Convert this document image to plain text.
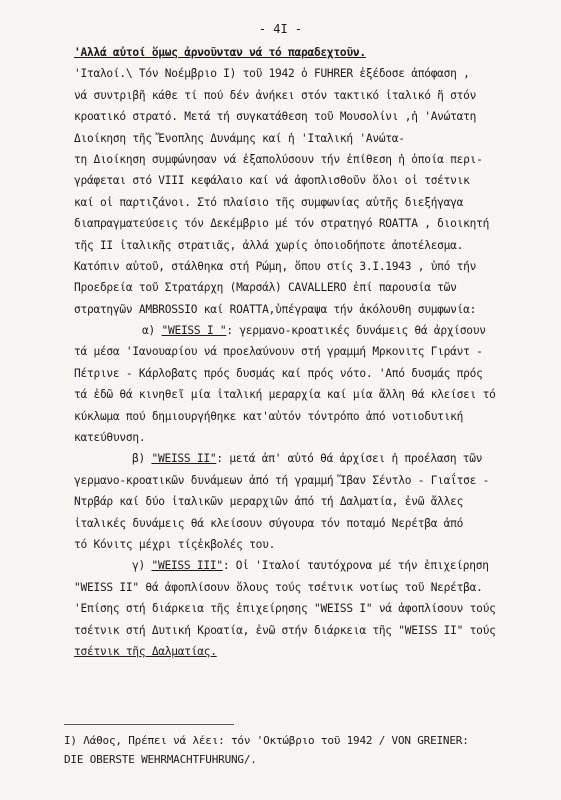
- 4I -
'Αλλά αὐτοί ὅμως ἀρνοῦνταν νά τό παραδεχτοῦν.
'Ιταλοί.\ Τόν Νοέμβριο I) τοῦ 1942 ὁ FUHRER ἐξέδοσε ἀπόφαση ,
νά συντριβῆ κάθε τί πού δέν ἀνήκει στόν τακτικό ἰταλικό ἤ στόν
κροατικό στρατό. Μετά τή συγκατάθεση τοῦ Μουσολίνι ,ἡ 'Ανώτατη
Διοίκηση τῆς Ἔνοπλης Δυνάμης καί ἡ 'Ιταλική 'Ανώτα-
τη Διοίκηση συμφώνησαν νά ἐξαπολύσουν τήν ἐπίθεση ἡ ὁποία περι-
γράφεται στό VIII κεφάλαιο καί νά ἀφοπλισθοῦν ὅλοι οἱ τσέτνικ
καί οἱ παρτιζάνοι. Στό πλαίσιο τῆς συμφωνίας αὐτῆς διεξήγαγα
διαπραγματεύσεις τόν Δεκέμβριο μέ τόν στρατηγό ROATTA , διοικητή
τῆς II ἰταλικῆς στρατιᾶς, ἀλλά χωρίς ὁποιοδήποτε ἀποτέλεσμα.
Κατόπιν αὐτοῦ, στάλθηκα στή Ρώμη, ὅπου στίς 3.I.1943 , ὑπό τήν
Προεδρεία τοῦ Στρατάρχη (Μαρσάλ) CAVALLERO ἐπί παρουσία τῶν
στρατηγῶν AMBROSSIO καί ROATTA,ὑπέγραψα τήν ἀκόλουθη συμφωνία:
α) "WEISS I ": γερμανο-κροατικές δυνάμεις θά ἀρχίσουν
τά μέσα 'Ιανουαρίου νά προελαύνουν στή γραμμή Μρκονιτς Γιράντ -
Πέτρινε - Κάρλοβατς πρός δυσμάς καί πρός νότο. 'Από δυσμάς πρός
τά ἐδῶ θά κινηθεῖ μία ἰταλική μεραρχία καί μία ἄλλη θά κλείσει τό
κύκλωμα πού δημιουργήθηκε κατ'αὐτόν τόντρόπο ἀπό νοτιοδυτική
κατεύθυνση.
β) "WEISS II": μετά ἀπ' αὐτό θά ἀρχίσει ἡ προέλαση τῶν
γερμανο-κροατικῶν δυνάμεων ἀπό τή γραμμή Ἴβαν Σέντλο - Γιαΐτσε -
Ντρβάρ καί δύο ἰταλικῶν μεραρχιῶν ἀπό τή Δαλματία, ἐνῶ ἄλλες
ἰταλικές δυνάμεις θά κλείσουν σύγουρα τόν ποταμό Νερέτβα ἀπό
τό Κόνιτς μέχρι τίςἐκβολές του.
γ) "WEISS III": Οἱ 'Ιταλοί ταυτόχρονα μέ τήν ἐπιχείρηση
"WEISS II" θά ἀφοπλίσουν ὅλους τούς τσέτνικ νοτίως τοῦ Νερέτβα.
'Επίσης στή διάρκεια τῆς ἐπιχείρησης "WEISS I" νά ἀφοπλίσουν τούς
τσέτνικ στή Δυτική Κροατία, ἐνῶ στήν διάρκεια τῆς "WEISS II" τούς
τσέτνικ τῆς Δαλματίας.
I) Λάθος, Πρέπει νά λέει: τόν 'Οκτώβριο τοῦ 1942 / VON GREINER:
DIE OBERSTE WEHRMACHTFUHRUNG/.
